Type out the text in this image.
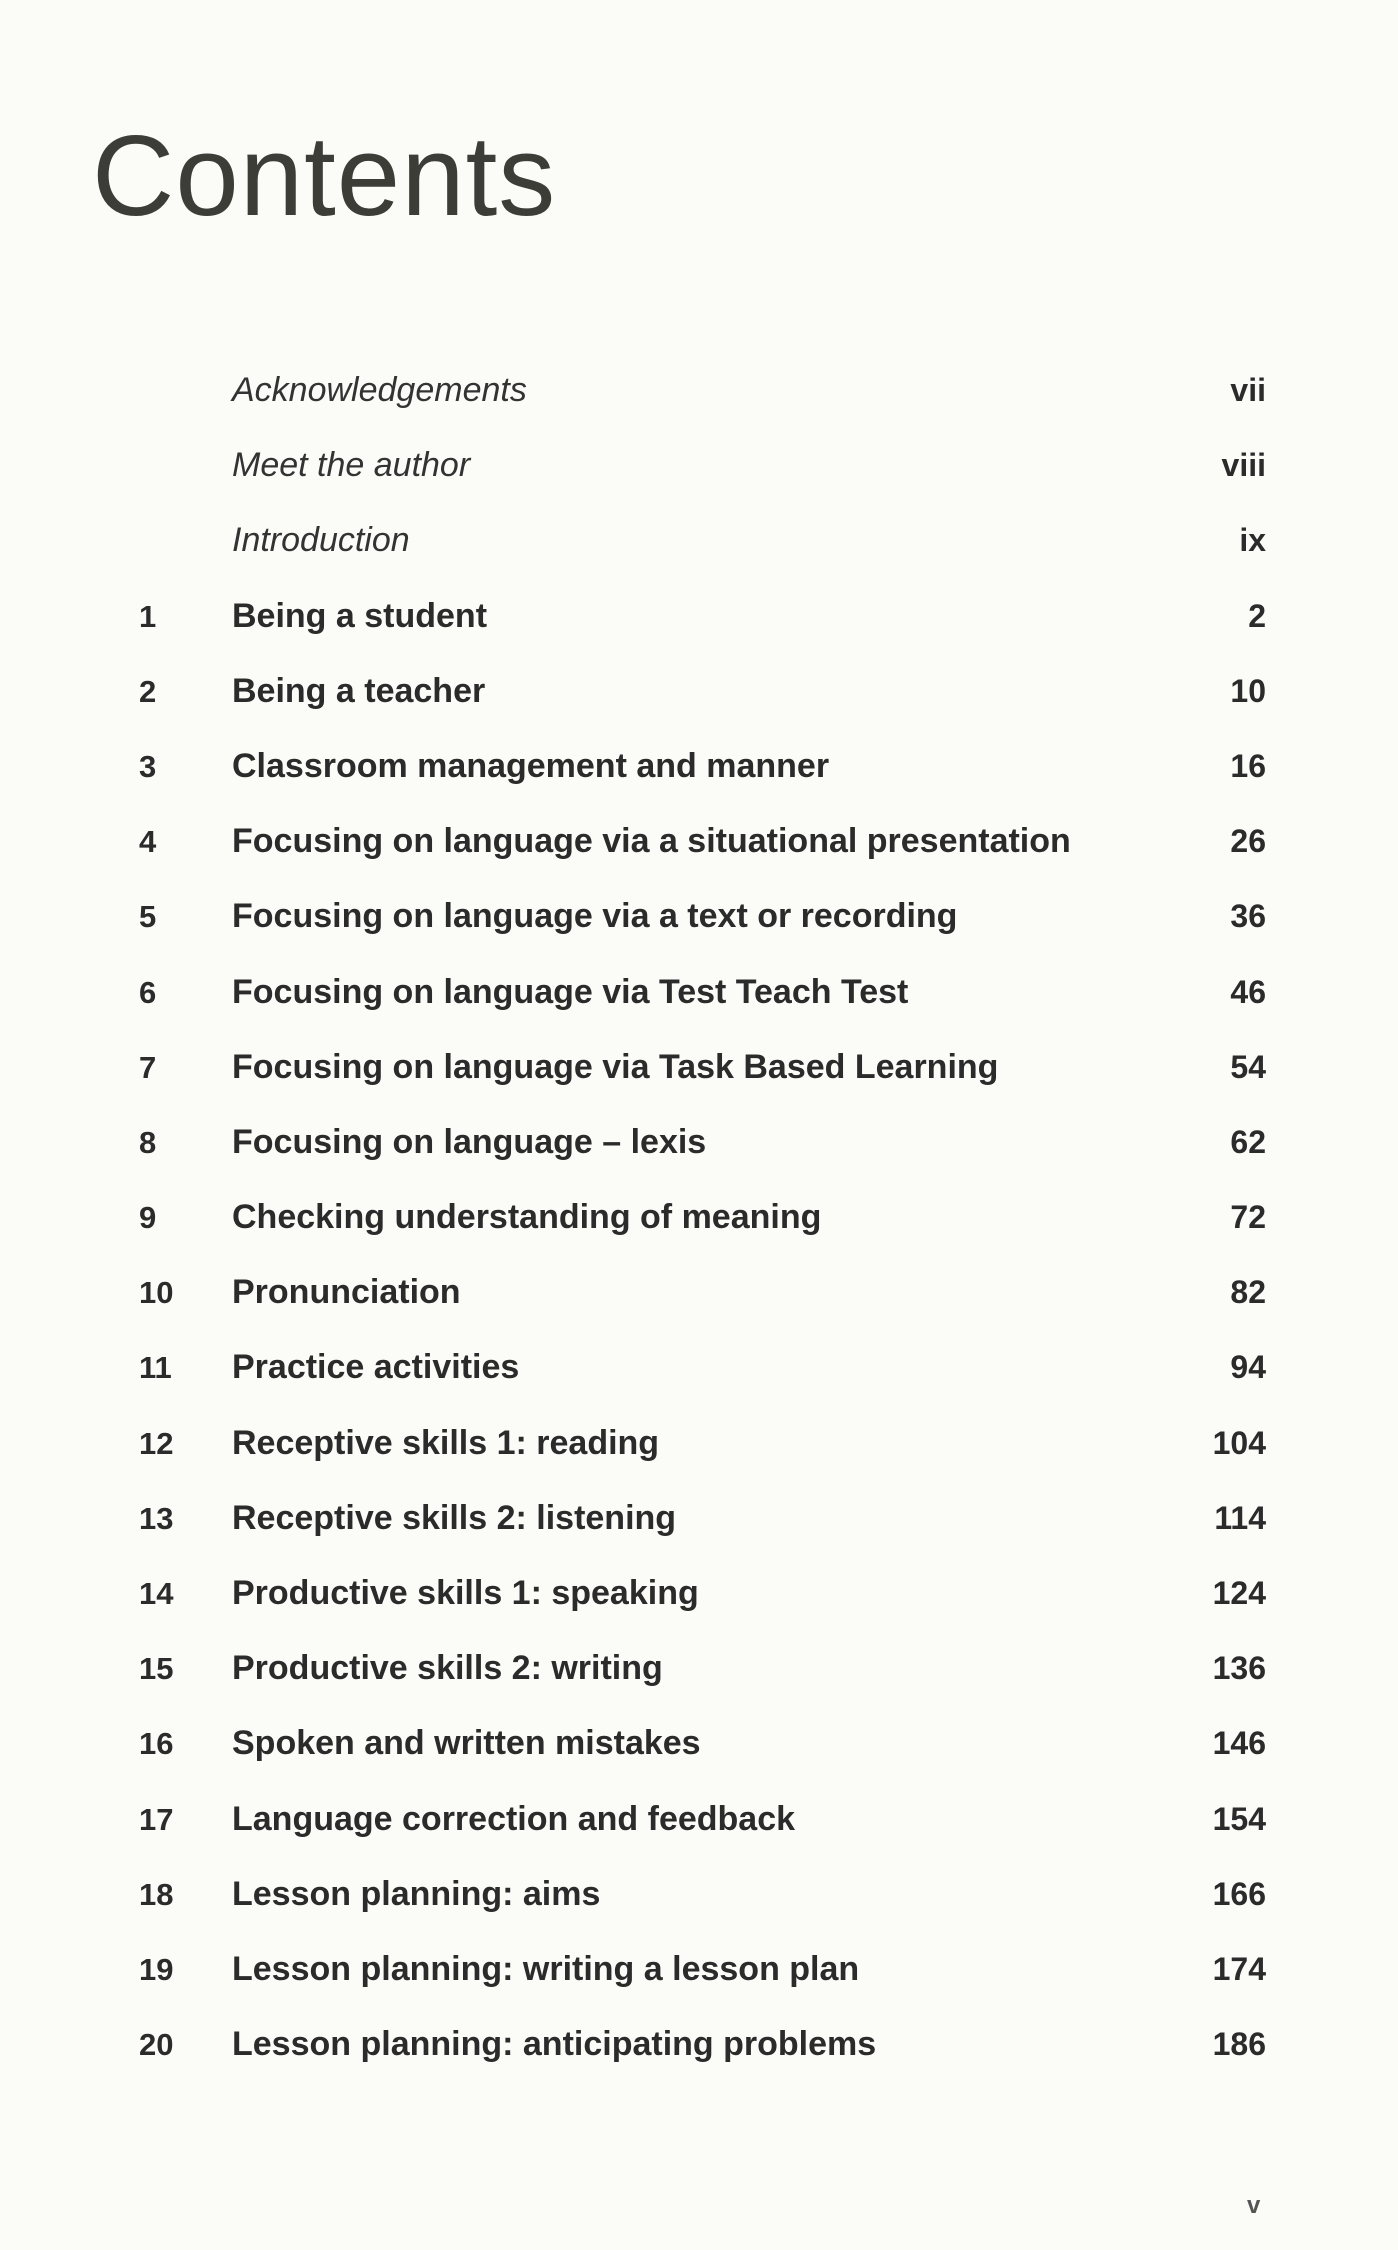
Contents
Acknowledgements	vii
Meet the author	viii
Introduction	ix
1 Being a student	2
2 Being a teacher	10
3 Classroom management and manner	16
4 Focusing on language via a situational presentation	26
5 Focusing on language via a text or recording	36
6 Focusing on language via Test Teach Test	46
7 Focusing on language via Task Based Learning	54
8 Focusing on language – lexis	62
9 Checking understanding of meaning	72
10 Pronunciation	82
11 Practice activities	94
12 Receptive skills 1: reading	104
13 Receptive skills 2: listening	114
14 Productive skills 1: speaking	124
15 Productive skills 2: writing	136
16 Spoken and written mistakes	146
17 Language correction and feedback	154
18 Lesson planning: aims	166
19 Lesson planning: writing a lesson plan	174
20 Lesson planning: anticipating problems	186
v
